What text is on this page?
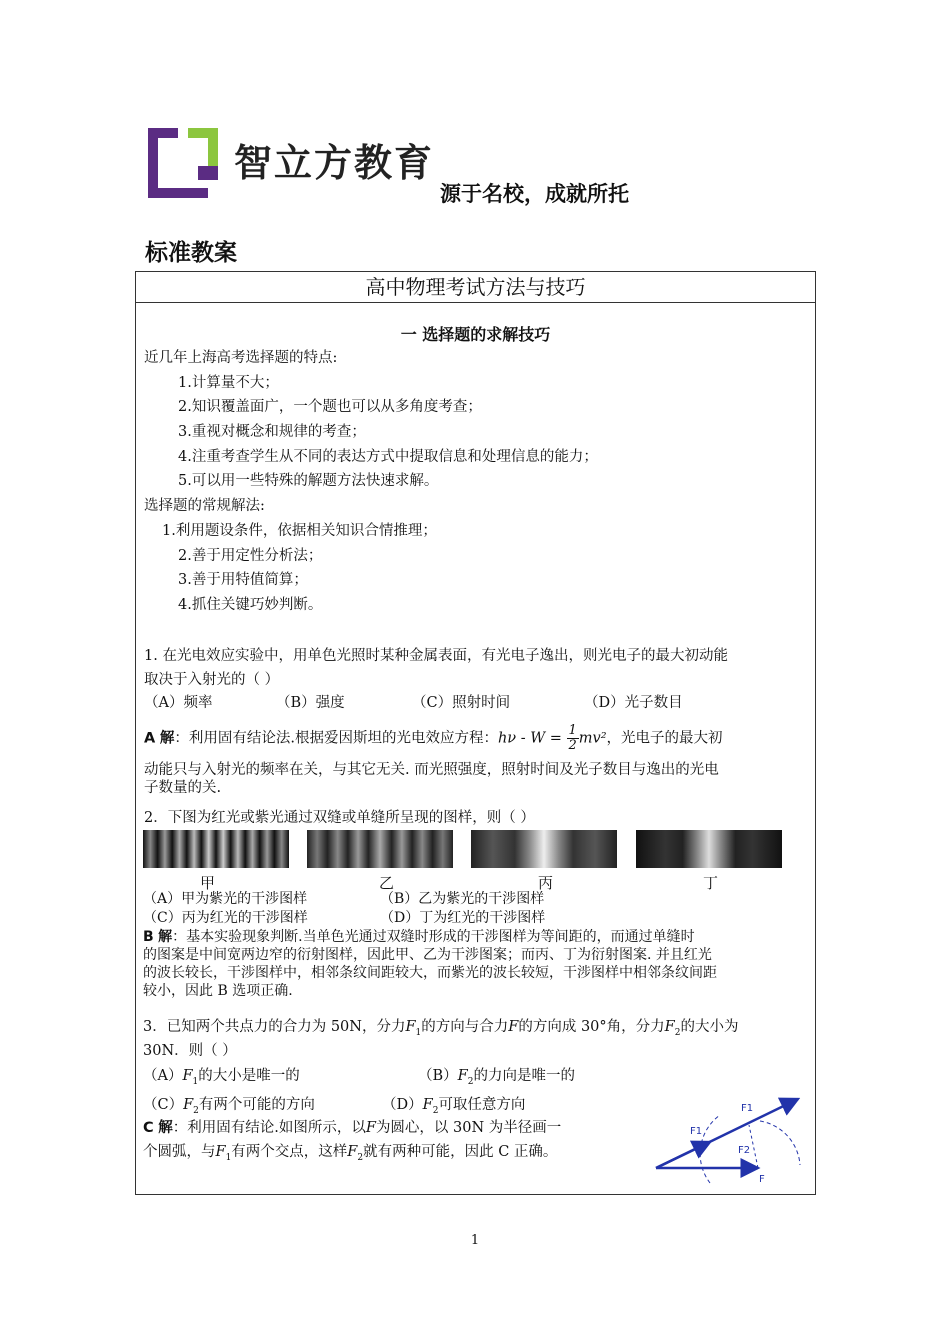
智立方教育
源于名校，成就所托
标准教案
高中物理考试方法与技巧
一 选择题的求解技巧
近几年上海高考选择题的特点:
1.计算量不大；
2.知识覆盖面广，一个题也可以从多角度考查；
3.重视对概念和规律的考查；
4.注重考查学生从不同的表达方式中提取信息和处理信息的能力；
5.可以用一些特殊的解题方法快速求解。
选择题的常规解法:
1.利用题设条件，依据相关知识合情推理；
2.善于用定性分析法；
3.善于用特值简算；
4.抓住关键巧妙判断。
1. 在光电效应实验中，用单色光照时某种金属表面，有光电子逸出，则光电子的最大初动能
取决于入射光的（ ）
（A）频率	（B）强度	（C）照射时间	（D）光子数目
A 解：利用固有结论法.根据爱因斯坦的光电效应方程：$h\nu - W = \frac{1}{2} mv^2$，光电子的最大初
动能只与入射光的频率在关，与其它无关. 而光照强度，照射时间及光子数目与逸出的光电
子数量的关.
2．下图为红光或紫光通过双缝或单缝所呈现的图样，则（ ）
甲	乙	丙	丁
（A）甲为紫光的干涉图样	（B）乙为紫光的干涉图样
（C）丙为红光的干涉图样	（D）丁为红光的干涉图样
B 解：基本实验现象判断.当单色光通过双缝时形成的干涉图样为等间距的，而通过单缝时
的图案是中间宽两边窄的衍射图样，因此甲、乙为干涉图案；而丙、丁为衍射图案. 并且红光
的波长较长，干涉图样中，相邻条纹间距较大，而紫光的波长较短，干涉图样中相邻条纹间距
较小，因此 B 选项正确.
3．已知两个共点力的合力为 50N，分力$F_1$的方向与合力F的方向成 30°角，分力$F_2$的大小为
30N．则（ ）
$(A)F_1$的大小是唯一的	$(B)F_2$的力向是唯一的
$(C)F_2$有两个可能的方向	$(D)F_2$可取任意方向
C 解：利用固有结论.如图所示，以F为圆心，以 30N 为半径画一
个圆弧，与$F_1$有两个交点，这样$F_2$就有两种可能，因此 C 正确。
F1
F1
F2
F
1
